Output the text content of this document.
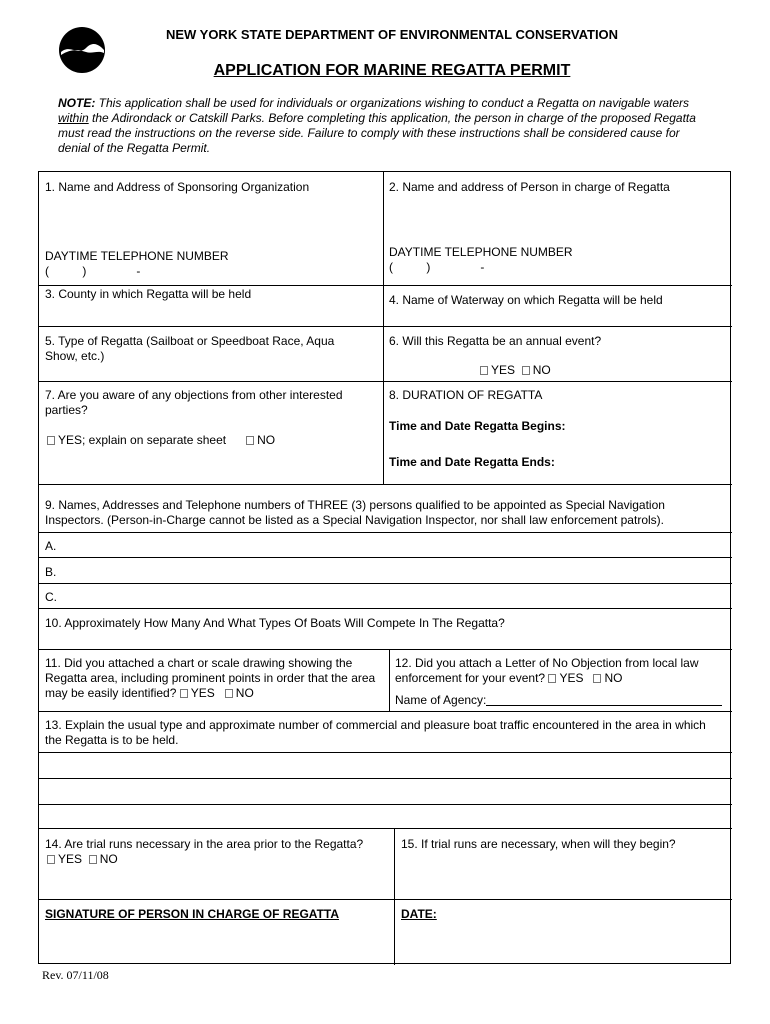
NEW YORK STATE DEPARTMENT OF ENVIRONMENTAL CONSERVATION
APPLICATION FOR MARINE REGATTA PERMIT
NOTE: This application shall be used for individuals or organizations wishing to conduct a Regatta on navigable waters within the Adirondack or Catskill Parks. Before completing this application, the person in charge of the proposed Regatta must read the instructions on the reverse side. Failure to comply with these instructions shall be considered cause for denial of the Regatta Permit.
1. Name and Address of Sponsoring Organization	2. Name and address of Person in charge of Regatta
DAYTIME TELEPHONE NUMBER
(          )               -
DAYTIME TELEPHONE NUMBER
(          )               -
3. County in which Regatta will be held	4. Name of Waterway on which Regatta will be held
5. Type of Regatta (Sailboat or Speedboat Race, Aqua Show, etc.)
6. Will this Regatta be an annual event?
YES NO
7. Are you aware of any objections from other interested parties?
YES; explain on separate sheet	NO
8. DURATION OF REGATTA
Time and Date Regatta Begins:
Time and Date Regatta Ends:
9. Names, Addresses and Telephone numbers of THREE (3) persons qualified to be appointed as Special Navigation Inspectors. (Person-in-Charge cannot be listed as a Special Navigation Inspector, nor shall law enforcement patrols).
A.
B.
C.
10. Approximately How Many And What Types Of Boats Will Compete In The Regatta?
11. Did you attached a chart or scale drawing showing the Regatta area, including prominent points in order that the area may be easily identified? YES NO
12. Did you attach a Letter of No Objection from local law enforcement for your event? YES NO
Name of Agency:
13. Explain the usual type and approximate number of commercial and pleasure boat traffic encountered in the area in which the Regatta is to be held.
14. Are trial runs necessary in the area prior to the Regatta?
YES NO
15. If trial runs are necessary, when will they begin?
SIGNATURE OF PERSON IN CHARGE OF REGATTA	DATE:
Rev. 07/11/08
